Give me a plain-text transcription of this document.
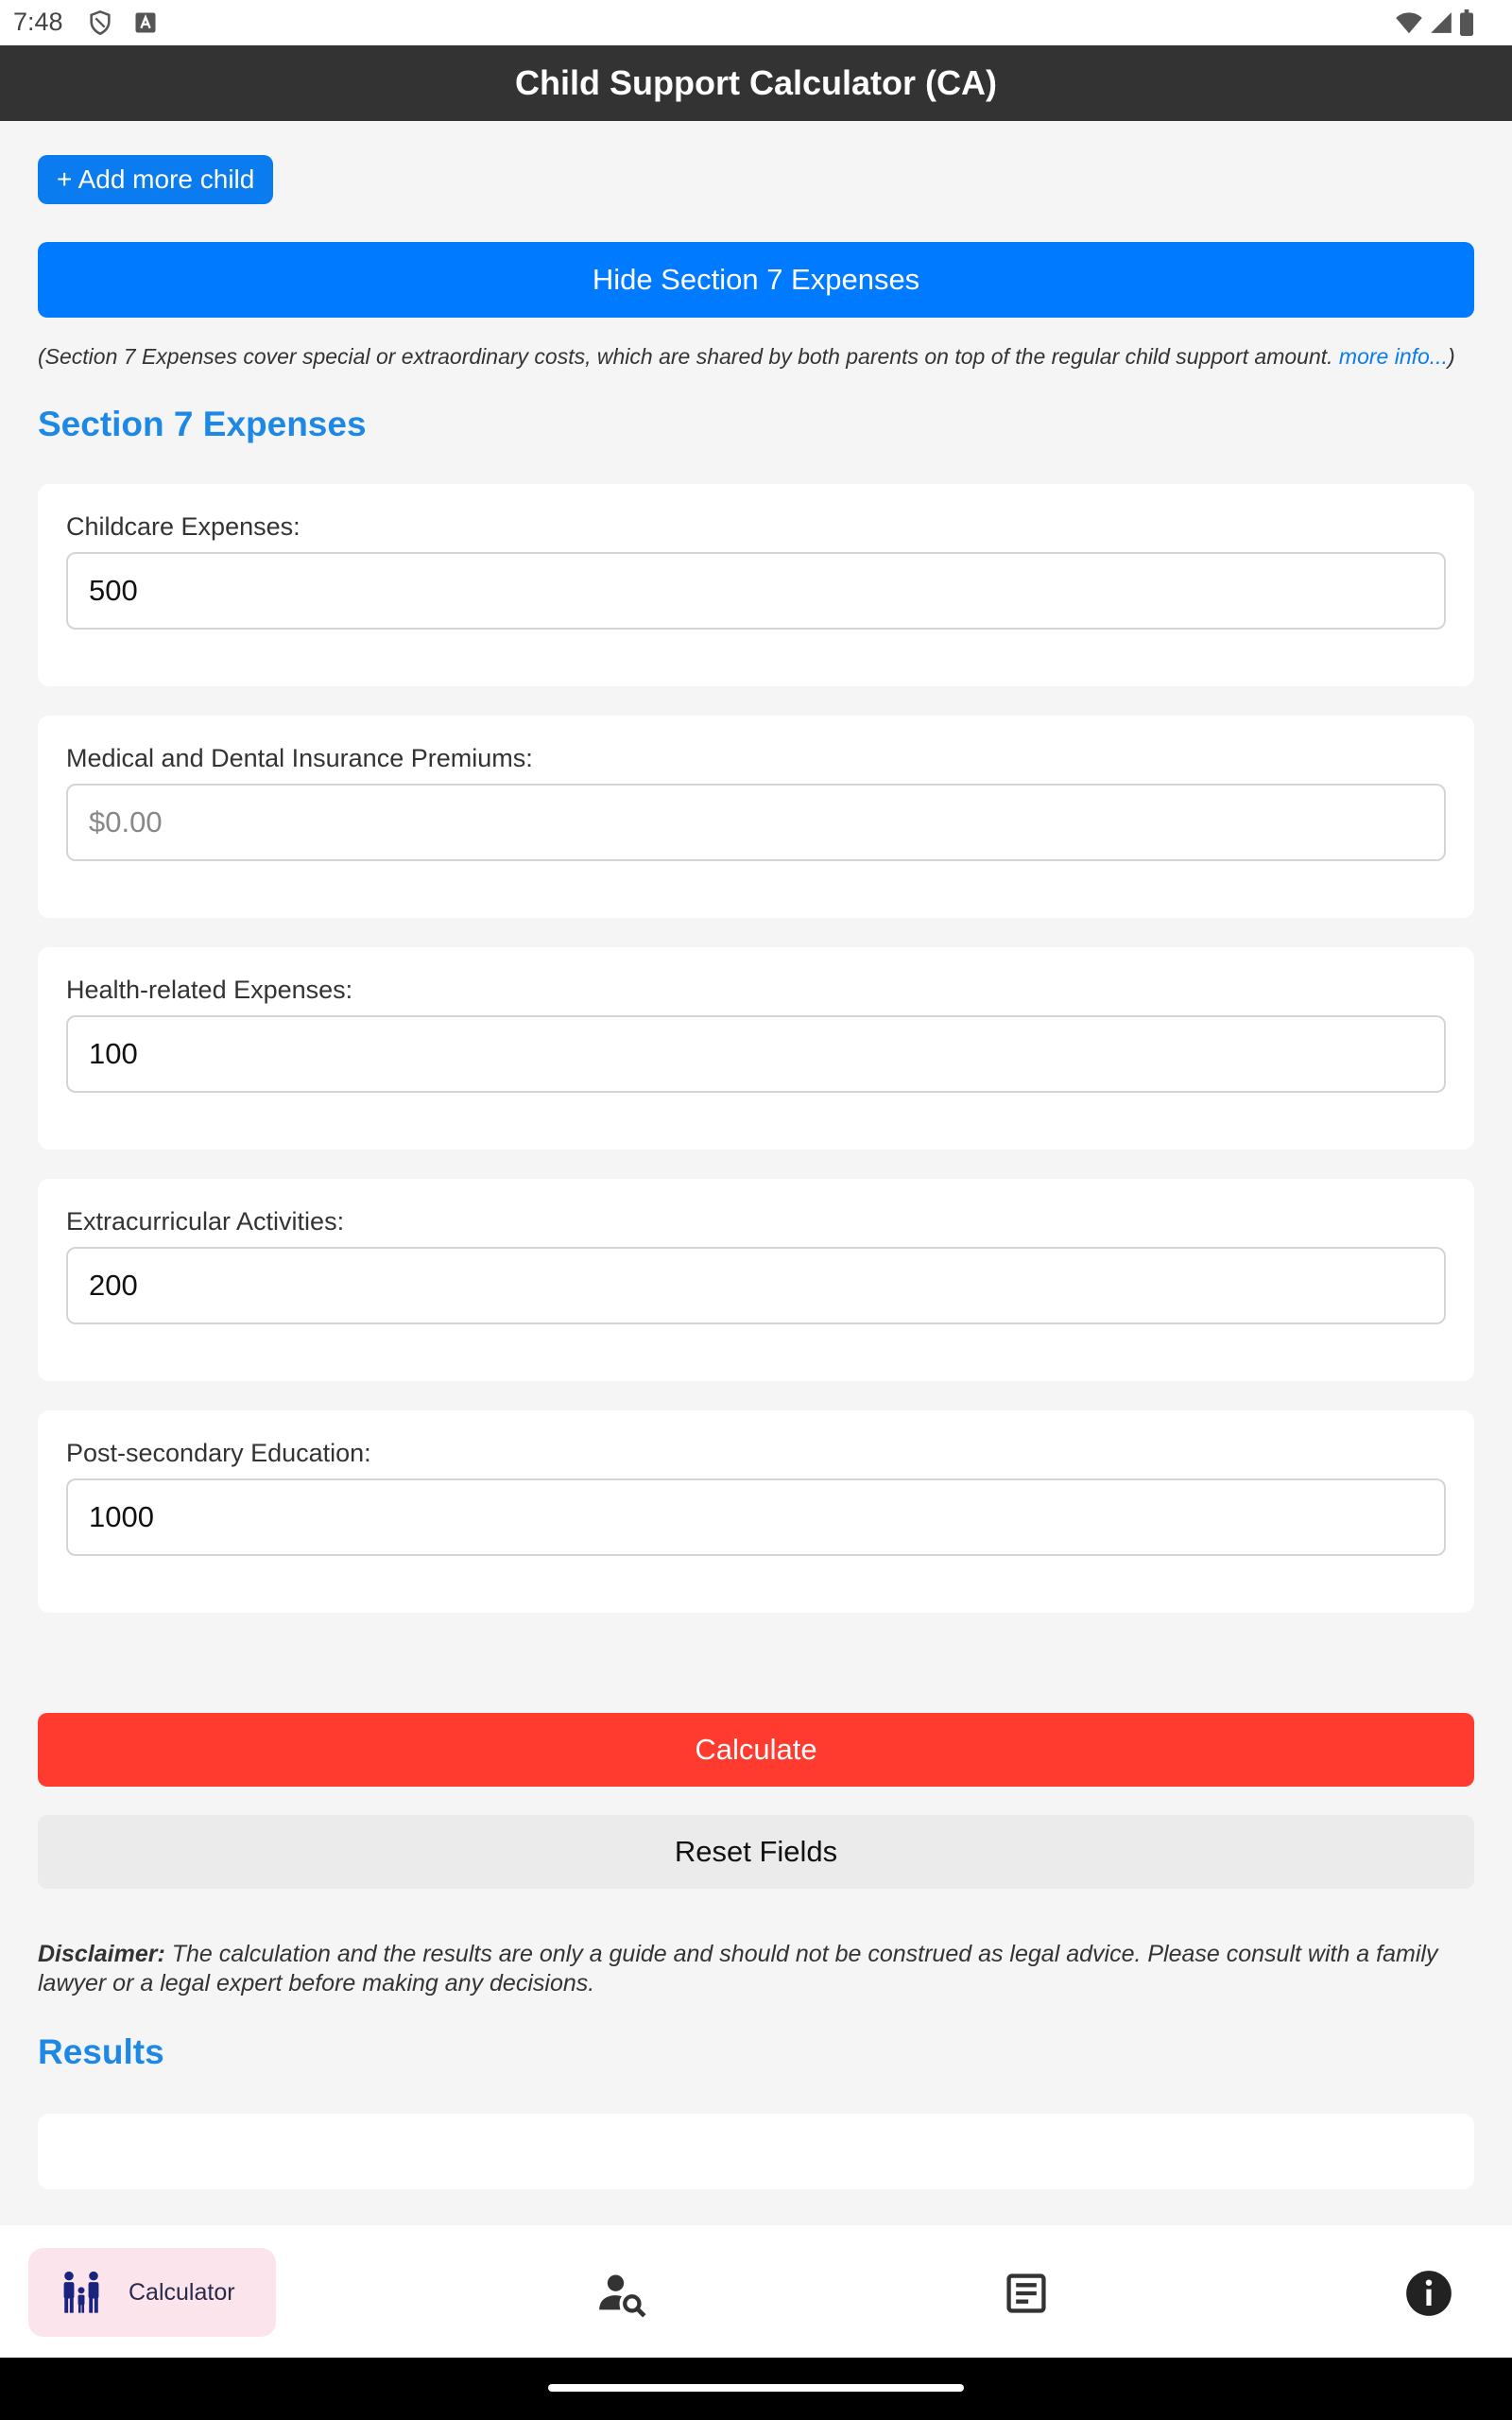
7:48
Child Support Calculator (CA)
+ Add more child
Hide Section 7 Expenses
(Section 7 Expenses cover special or extraordinary costs, which are shared by both parents on top of the regular child support amount. more info...)
Section 7 Expenses
Childcare Expenses:
500
Medical and Dental Insurance Premiums:
$0.00
Health-related Expenses:
100
Extracurricular Activities:
200
Post-secondary Education:
1000
Calculate
Reset Fields
Disclaimer: The calculation and the results are only a guide and should not be construed as legal advice. Please consult with a family lawyer or a legal expert before making any decisions.
Results
Calculator
